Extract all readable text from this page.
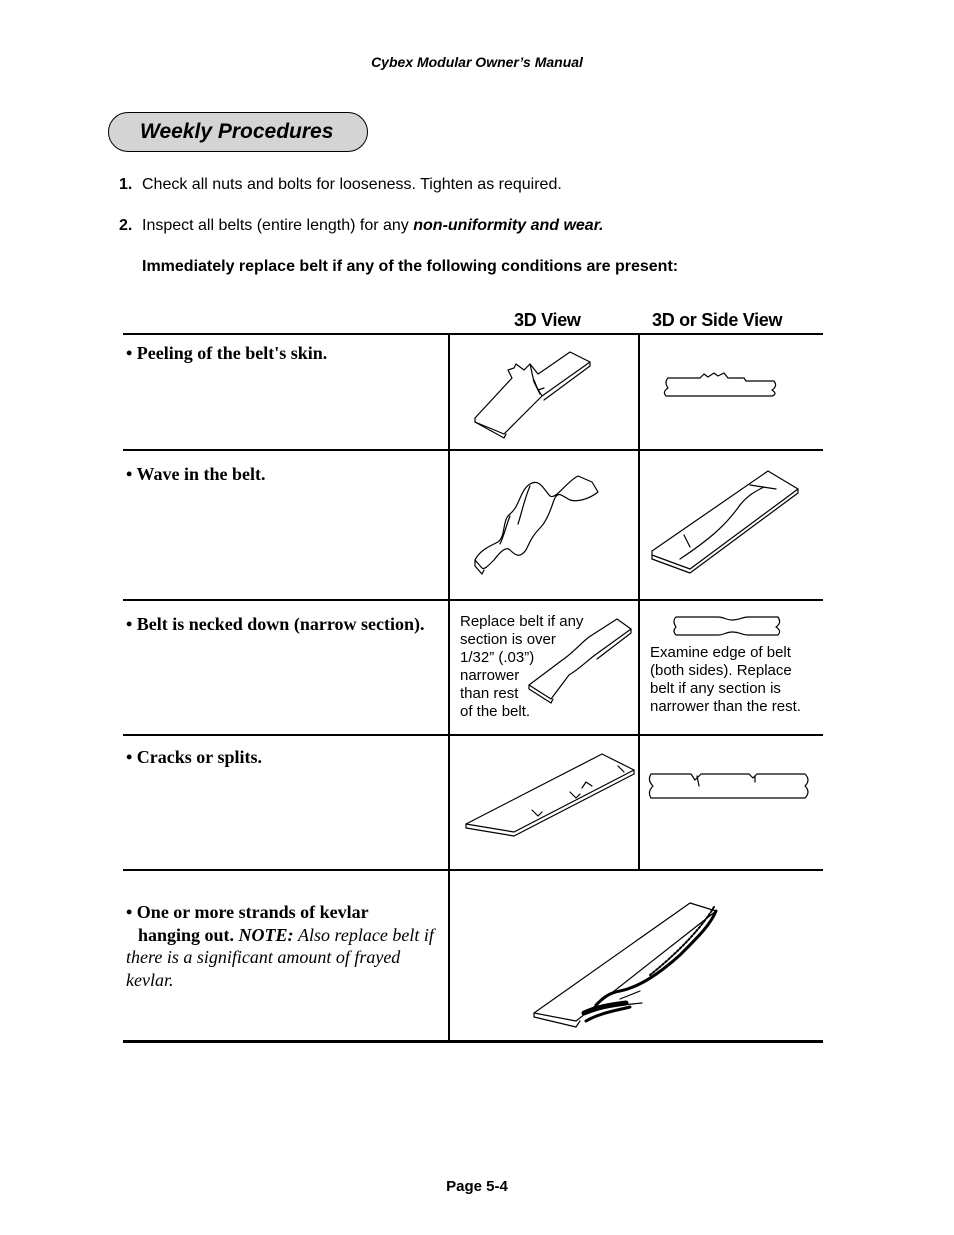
Cybex Modular Owner’s Manual
Weekly Procedures
1. Check all nuts and bolts for looseness. Tighten as required.
2. Inspect all belts (entire length) for any non-uniformity and wear.
Immediately replace belt if any of the following conditions are present:
3D View	3D or Side View
• Peeling of the belt's skin.
• Wave in the belt.
• Belt is necked down (narrow section).
• Cracks or splits.
• One or more strands of kevlar
hanging out. NOTE: Also replace belt if there is a significant amount of frayed kevlar.
Replace belt if any
section is over
1/32” (.03”)
narrower
than rest
of the belt.
Examine edge of belt
(both sides). Replace
belt if any section is
narrower than the rest.
Page 5-4
